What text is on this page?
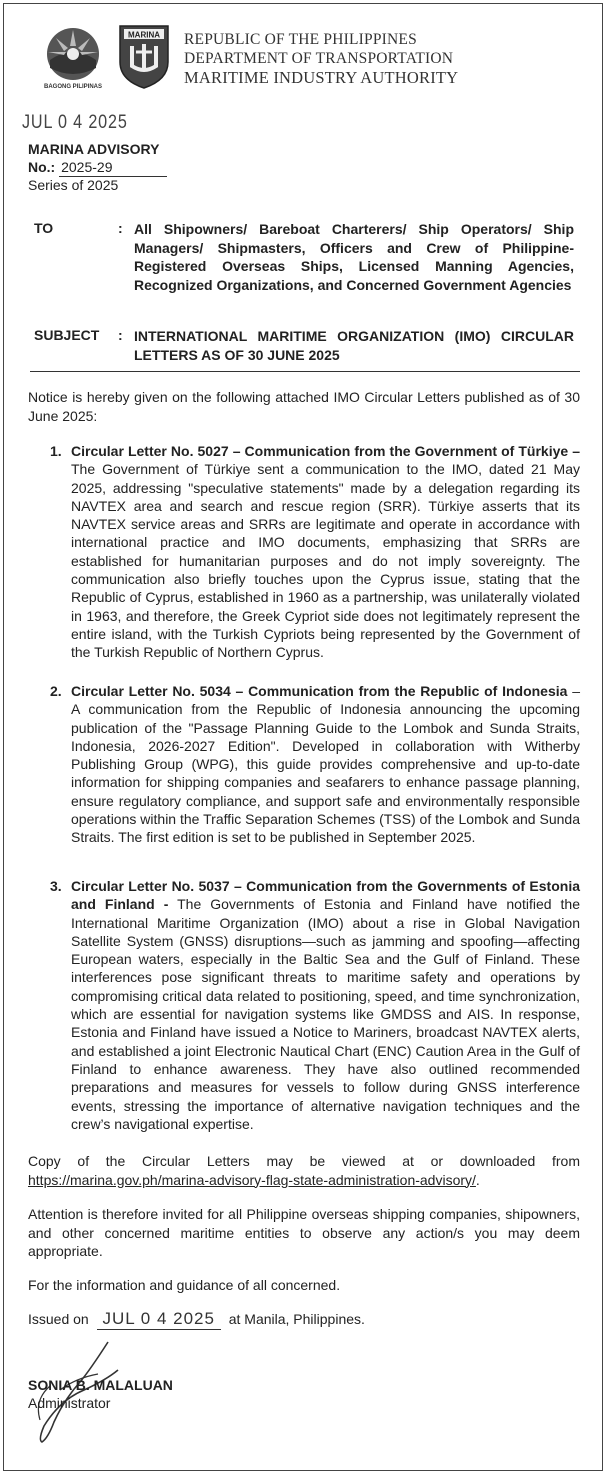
BAGONG PILIPINAS
MARINA REPUBLIC OF THE PHILIPPINES
DEPARTMENT OF TRANSPORTATION
MARITIME INDUSTRY AUTHORITY
JUL 0 4 2025
MARINA ADVISORY
No.: 2025-29
Series of 2025
TO	: All Shipowners/ Bareboat Charterers/ Ship Operators/ Ship Managers/ Shipmasters, Officers and Crew of Philippine-Registered Overseas Ships, Licensed Manning Agencies, Recognized Organizations, and Concerned Government Agencies
SUBJECT : INTERNATIONAL MARITIME ORGANIZATION (IMO) CIRCULAR LETTERS AS OF 30 JUNE 2025
Notice is hereby given on the following attached IMO Circular Letters published as of 30 June 2025:
1. Circular Letter No. 5027 – Communication from the Government of Türkiye – The Government of Türkiye sent a communication to the IMO, dated 21 May 2025, addressing "speculative statements" made by a delegation regarding its NAVTEX area and search and rescue region (SRR). Türkiye asserts that its NAVTEX service areas and SRRs are legitimate and operate in accordance with international practice and IMO documents, emphasizing that SRRs are established for humanitarian purposes and do not imply sovereignty. The communication also briefly touches upon the Cyprus issue, stating that the Republic of Cyprus, established in 1960 as a partnership, was unilaterally violated in 1963, and therefore, the Greek Cypriot side does not legitimately represent the entire island, with the Turkish Cypriots being represented by the Government of the Turkish Republic of Northern Cyprus.
2. Circular Letter No. 5034 – Communication from the Republic of Indonesia – A communication from the Republic of Indonesia announcing the upcoming publication of the "Passage Planning Guide to the Lombok and Sunda Straits, Indonesia, 2026-2027 Edition". Developed in collaboration with Witherby Publishing Group (WPG), this guide provides comprehensive and up-to-date information for shipping companies and seafarers to enhance passage planning, ensure regulatory compliance, and support safe and environmentally responsible operations within the Traffic Separation Schemes (TSS) of the Lombok and Sunda Straits. The first edition is set to be published in September 2025.
3. Circular Letter No. 5037 – Communication from the Governments of Estonia and Finland - The Governments of Estonia and Finland have notified the International Maritime Organization (IMO) about a rise in Global Navigation Satellite System (GNSS) disruptions—such as jamming and spoofing—affecting European waters, especially in the Baltic Sea and the Gulf of Finland. These interferences pose significant threats to maritime safety and operations by compromising critical data related to positioning, speed, and time synchronization, which are essential for navigation systems like GMDSS and AIS. In response, Estonia and Finland have issued a Notice to Mariners, broadcast NAVTEX alerts, and established a joint Electronic Nautical Chart (ENC) Caution Area in the Gulf of Finland to enhance awareness. They have also outlined recommended preparations and measures for vessels to follow during GNSS interference events, stressing the importance of alternative navigation techniques and the crew’s navigational expertise.
Copy of the Circular Letters may be viewed at or downloaded from https://marina.gov.ph/marina-advisory-flag-state-administration-advisory/.
Attention is therefore invited for all Philippine overseas shipping companies, shipowners, and other concerned maritime entities to observe any action/s you may deem appropriate.
For the information and guidance of all concerned.
Issued on JUL 0 4 2025 at Manila, Philippines.
SONIA B. MALALUAN
Administrator
